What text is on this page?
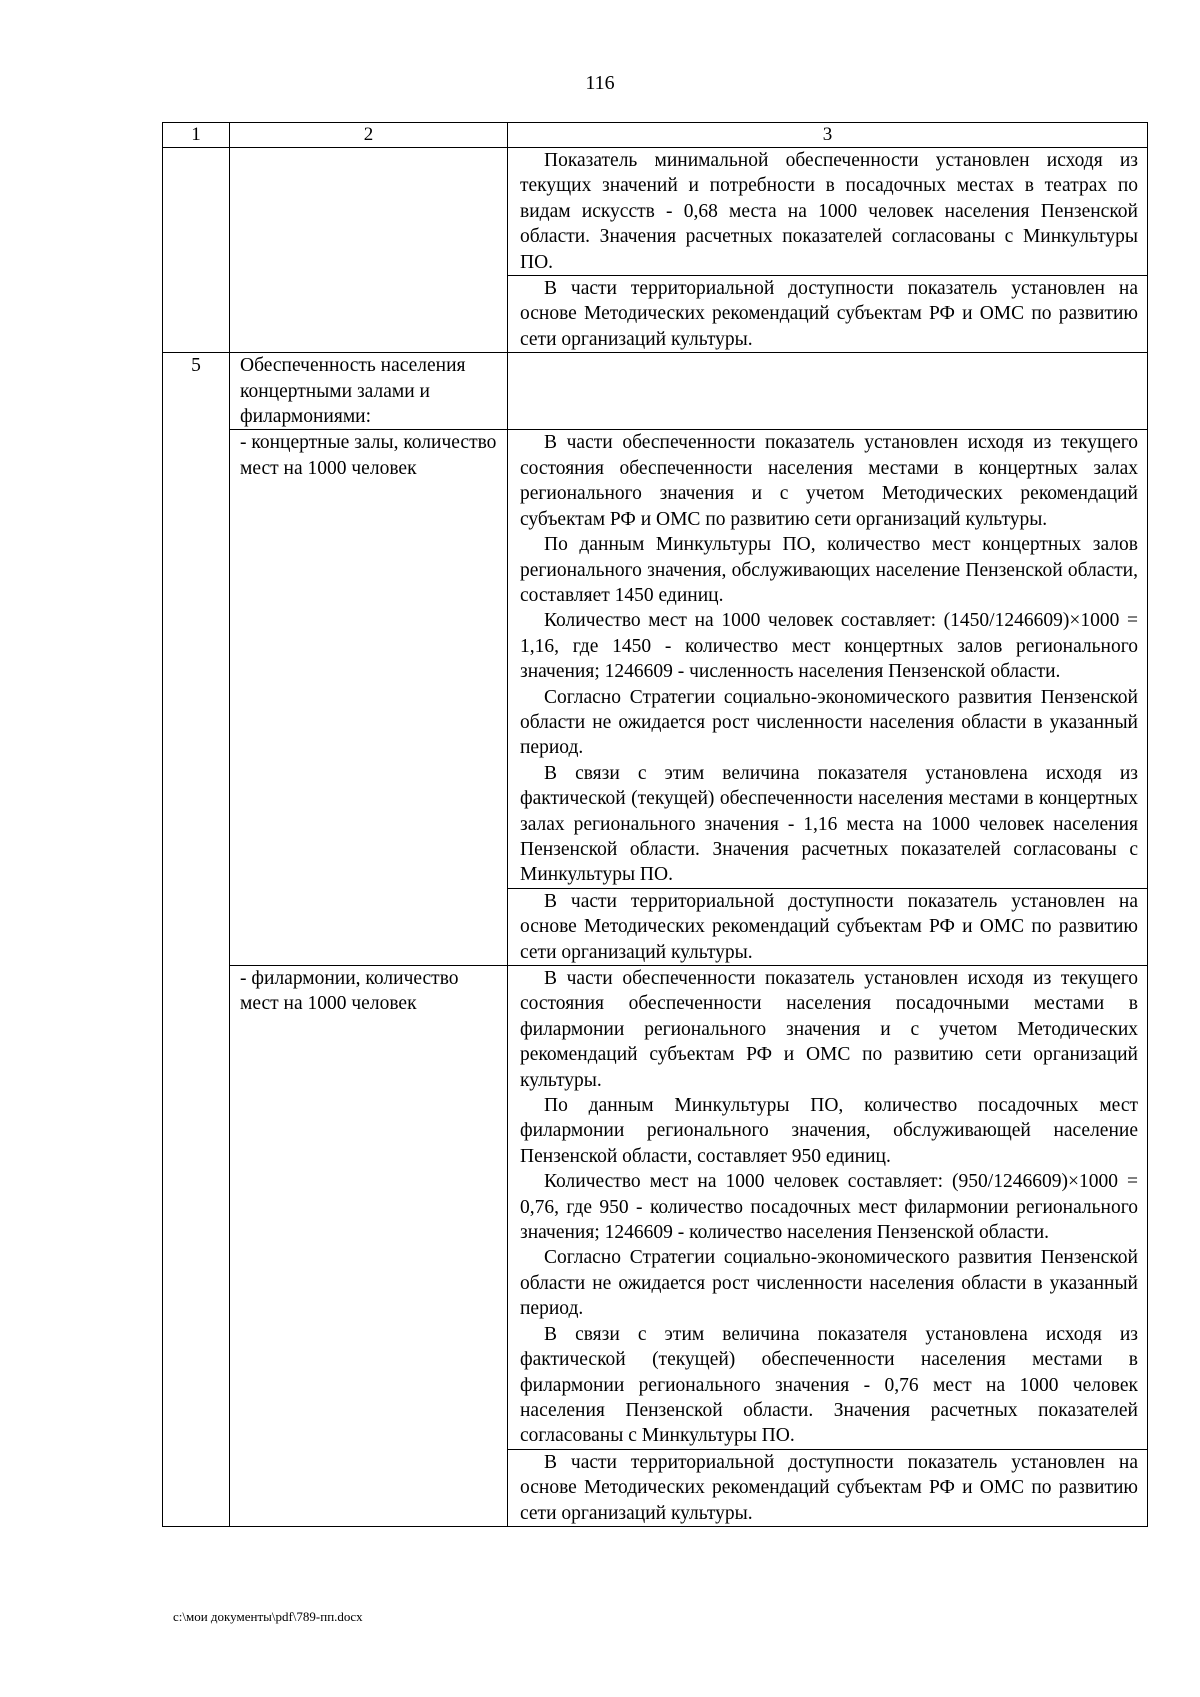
116
1	2	3

		Показатель минимальной обеспеченности установлен исходя из текущих значений и потребности в посадочных местах в театрах по видам искусств - 0,68 места на 1000 человек населения Пензенской области. Значения расчетных показателей согласованы с Минкультуры ПО.

		В части территориальной доступности показатель установлен на основе Методических рекомендаций субъектам РФ и ОМС по развитию сети организаций культуры.

5	Обеспеченность населения концертными залами и филармониями:	

	- концертные залы, количество мест на 1000 человек	В части обеспеченности показатель установлен исходя из текущего состояния обеспеченности населения местами в концертных залах регионального значения и с учетом Методических рекомендаций субъектам РФ и ОМС по развитию сети организаций культуры.

По данным Минкультуры ПО, количество мест концертных залов регионального значения, обслуживающих население Пензенской области, составляет 1450 единиц.

Количество мест на 1000 человек составляет: (1450/1246609)×1000 = 1,16, где 1450 - количество мест концертных залов регионального значения; 1246609 - численность населения Пензенской области.

Согласно Стратегии социально-экономического развития Пензенской области не ожидается рост численности населения области в указанный период.

В связи с этим величина показателя установлена исходя из фактической (текущей) обеспеченности населения местами в концертных залах регионального значения - 1,16 места на 1000 человек населения Пензенской области. Значения расчетных показателей согласованы с Минкультуры ПО.

		В части территориальной доступности показатель установлен на основе Методических рекомендаций субъектам РФ и ОМС по развитию сети организаций культуры.

	- филармонии, количество мест на 1000 человек	В части обеспеченности показатель установлен исходя из текущего состояния обеспеченности населения посадочными местами в филармонии регионального значения и с учетом Методических рекомендаций субъектам РФ и ОМС по развитию сети организаций культуры.

По данным Минкультуры ПО, количество посадочных мест филармонии регионального значения, обслуживающей население Пензенской области, составляет 950 единиц.

Количество мест на 1000 человек составляет: (950/1246609)×1000 = 0,76, где 950 - количество посадочных мест филармонии регионального значения; 1246609 - количество населения Пензенской области.

Согласно Стратегии социально-экономического развития Пензенской области не ожидается рост численности населения области в указанный период.

В связи с этим величина показателя установлена исходя из фактической (текущей) обеспеченности населения местами в филармонии регионального значения - 0,76 мест на 1000 человек населения Пензенской области. Значения расчетных показателей согласованы с Минкультуры ПО.

		В части территориальной доступности показатель установлен на основе Методических рекомендаций субъектам РФ и ОМС по развитию сети организаций культуры.

c:\мои документы\pdf\789-пп.docx
